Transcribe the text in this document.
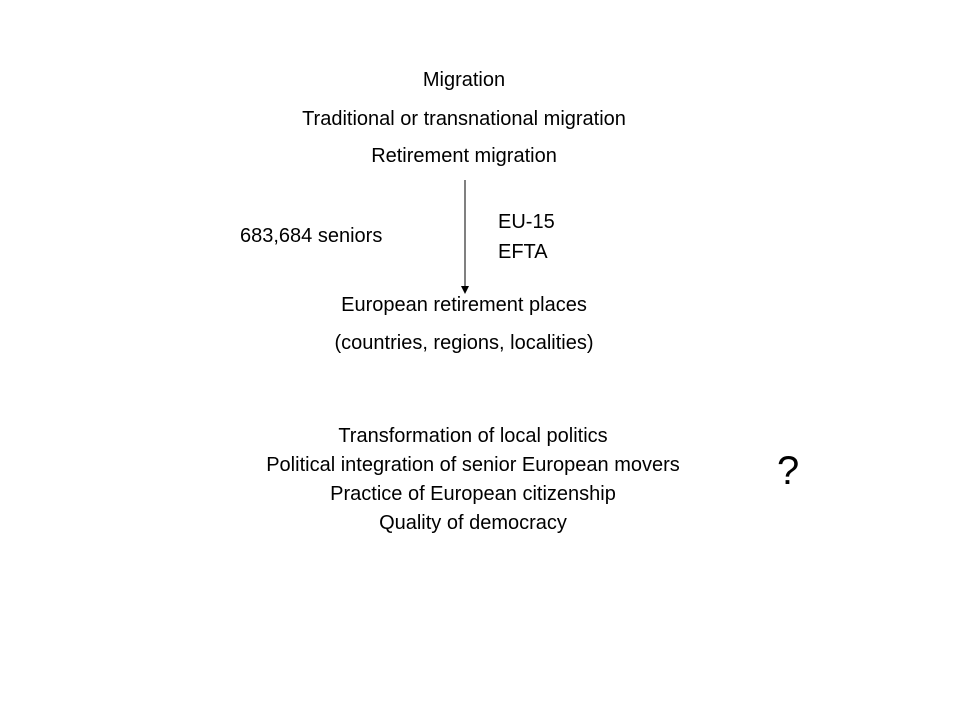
Migration
Traditional or transnational migration
Retirement migration
683,684 seniors
EU-15
EFTA
European retirement places
(countries, regions, localities)
Transformation of local politics
Political integration of senior European movers
Practice of European citizenship
Quality of democracy
?
